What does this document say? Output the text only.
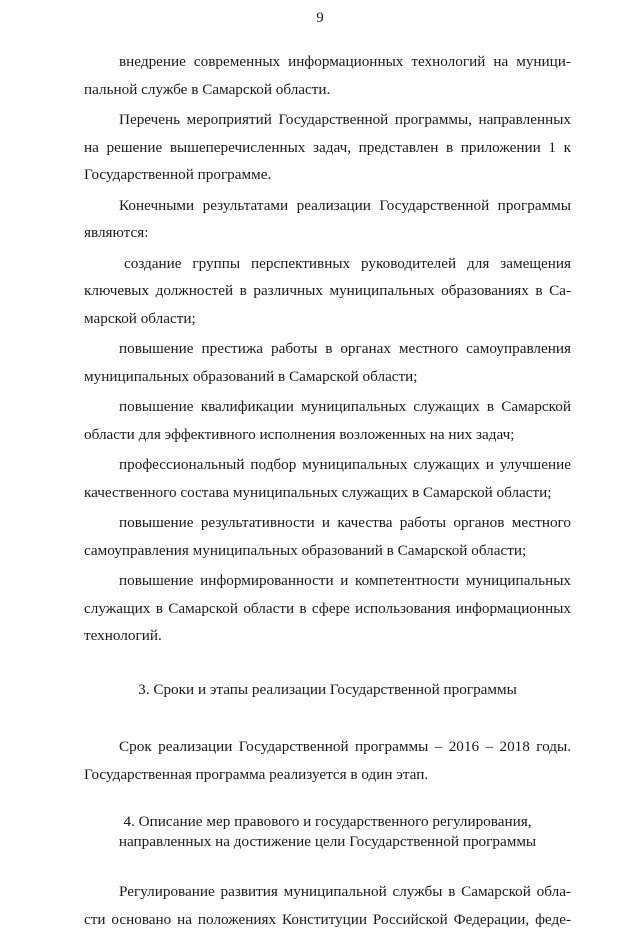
9
внедрение современных информационных технологий на муници-
пальной службе в Самарской области.
Перечень мероприятий Государственной программы, направленных
на решение вышеперечисленных задач, представлен в приложении 1 к
Государственной программе.
Конечными результатами реализации Государственной программы
являются:
создание группы перспективных руководителей для замещения
ключевых должностей в различных муниципальных образованиях в Са-
марской области;
повышение престижа работы в органах местного самоуправления
муниципальных образований в Самарской области;
повышение квалификации муниципальных служащих в Самарской
области для эффективного исполнения возложенных на них задач;
профессиональный подбор муниципальных служащих и улучшение
качественного состава муниципальных служащих в Самарской области;
повышение результативности и качества работы органов местного
самоуправления муниципальных образований в Самарской области;
повышение информированности и компетентности муниципальных
служащих в Самарской области в сфере использования информационных
технологий.
3. Сроки и этапы реализации Государственной программы
Срок реализации Государственной программы – 2016 – 2018 годы.
Государственная программа реализуется в один этап.
4. Описание мер правового и государственного регулирования,
направленных на достижение цели Государственной программы
Регулирование развития муниципальной службы в Самарской обла-
сти основано на положениях Конституции Российской Федерации, феде-
